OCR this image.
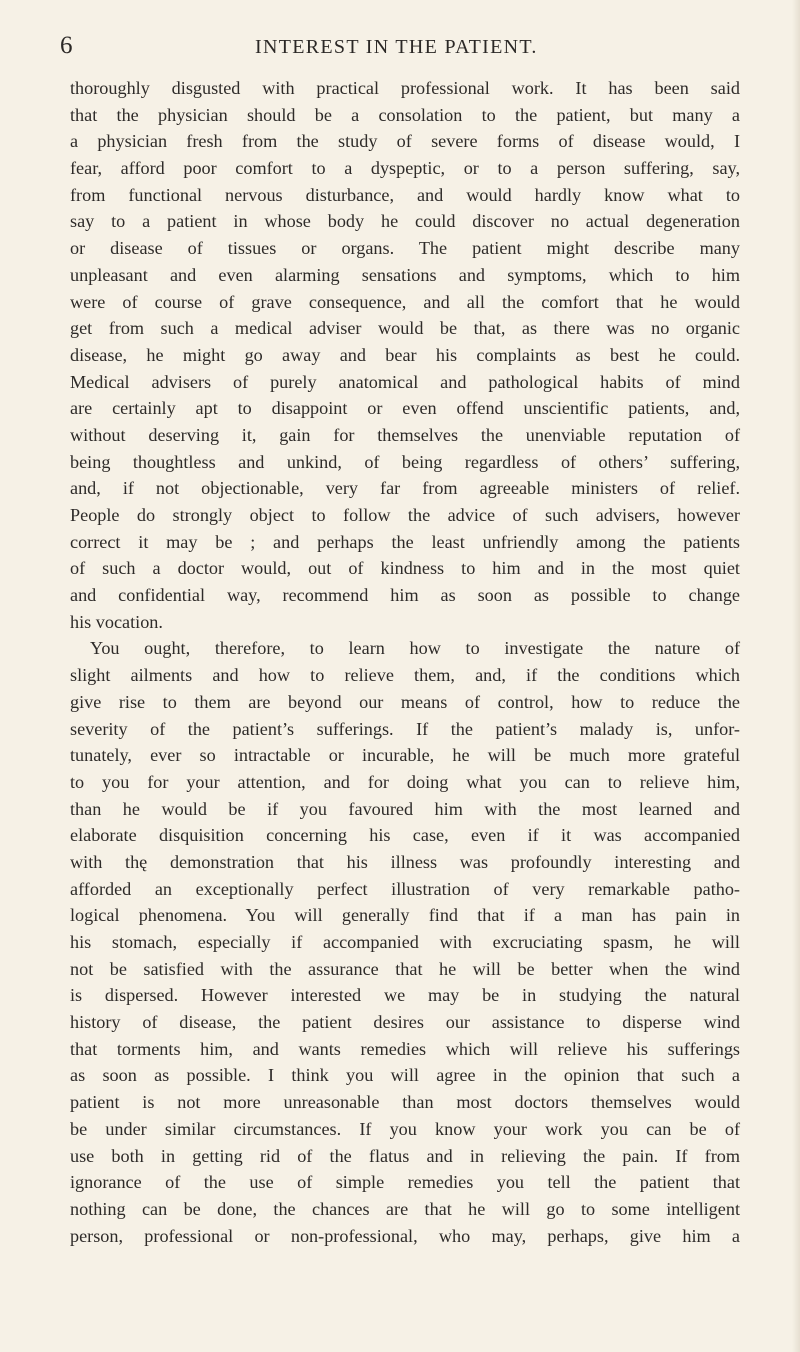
6	INTEREST IN THE PATIENT.
thoroughly disgusted with practical professional work. It has been said
that the physician should be a consolation to the patient, but many a
a physician fresh from the study of severe forms of disease would, I
fear, afford poor comfort to a dyspeptic, or to a person suffering, say,
from functional nervous disturbance, and would hardly know what to
say to a patient in whose body he could discover no actual degeneration
or disease of tissues or organs. The patient might describe many
unpleasant and even alarming sensations and symptoms, which to him
were of course of grave consequence, and all the comfort that he would
get from such a medical adviser would be that, as there was no organic
disease, he might go away and bear his complaints as best he could.
Medical advisers of purely anatomical and pathological habits of mind
are certainly apt to disappoint or even offend unscientific patients, and,
without deserving it, gain for themselves the unenviable reputation of
being thoughtless and unkind, of being regardless of others’ suffering,
and, if not objectionable, very far from agreeable ministers of relief.
People do strongly object to follow the advice of such advisers, however
correct it may be ; and perhaps the least unfriendly among the patients
of such a doctor would, out of kindness to him and in the most quiet
and confidential way, recommend him as soon as possible to change
his vocation.
You ought, therefore, to learn how to investigate the nature of
slight ailments and how to relieve them, and, if the conditions which
give rise to them are beyond our means of control, how to reduce the
severity of the patient’s sufferings. If the patient’s malady is, unfor-
tunately, ever so intractable or incurable, he will be much more grateful
to you for your attention, and for doing what you can to relieve him,
than he would be if you favoured him with the most learned and
elaborate disquisition concerning his case, even if it was accompanied
with thę demonstration that his illness was profoundly interesting and
afforded an exceptionally perfect illustration of very remarkable patho-
logical phenomena. You will generally find that if a man has pain in
his stomach, especially if accompanied with excruciating spasm, he will
not be satisfied with the assurance that he will be better when the wind
is dispersed. However interested we may be in studying the natural
history of disease, the patient desires our assistance to disperse wind
that torments him, and wants remedies which will relieve his sufferings
as soon as possible. I think you will agree in the opinion that such a
patient is not more unreasonable than most doctors themselves would
be under similar circumstances. If you know your work you can be of
use both in getting rid of the flatus and in relieving the pain. If from
ignorance of the use of simple remedies you tell the patient that
nothing can be done, the chances are that he will go to some intelligent
person, professional or non-professional, who may, perhaps, give him a
